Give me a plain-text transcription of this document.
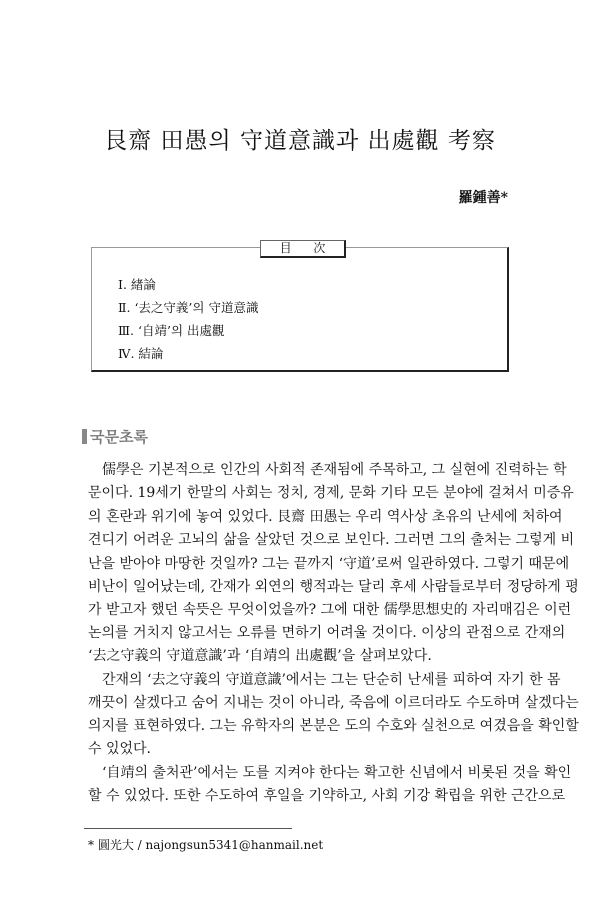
艮齋 田愚의 守道意識과 出處觀 考察
羅鍾善*
目 次
Ⅰ. 緖論
Ⅱ. ‘去之守義’의 守道意識
Ⅲ. ‘自靖’의 出處觀
Ⅳ. 結論
국문초록
儒學은 기본적으로 인간의 사회적 존재됨에 주목하고, 그 실현에 진력하는 학
문이다. 19세기 한말의 사회는 정치, 경제, 문화 기타 모든 분야에 걸쳐서 미증유
의 혼란과 위기에 놓여 있었다. 艮齋 田愚는 우리 역사상 초유의 난세에 처하여
견디기 어려운 고뇌의 삶을 살았던 것으로 보인다. 그러면 그의 출처는 그렇게 비
난을 받아야 마땅한 것일까? 그는 끝까지 ‘守道’로써 일관하였다. 그렇기 때문에
비난이 일어났는데, 간재가 외연의 행적과는 달리 후세 사람들로부터 정당하게 평
가 받고자 했던 속뜻은 무엇이었을까? 그에 대한 儒學思想史的 자리매김은 이런
논의를 거치지 않고서는 오류를 면하기 어려울 것이다. 이상의 관점으로 간재의
‘去之守義의 守道意識’과 ‘自靖의 出處觀’을 살펴보았다.
간재의 ‘去之守義의 守道意識’에서는 그는 단순히 난세를 피하여 자기 한 몸
깨끗이 살겠다고 숨어 지내는 것이 아니라, 죽음에 이르더라도 수도하며 살겠다는
의지를 표현하였다. 그는 유학자의 본분은 도의 수호와 실천으로 여겼음을 확인할
수 있었다.
‘自靖의 출처관’에서는 도를 지켜야 한다는 확고한 신념에서 비롯된 것을 확인
할 수 있었다. 또한 수도하여 후일을 기약하고, 사회 기강 확립을 위한 근간으로
* 圓光大 / najongsun5341@hanmail.net
